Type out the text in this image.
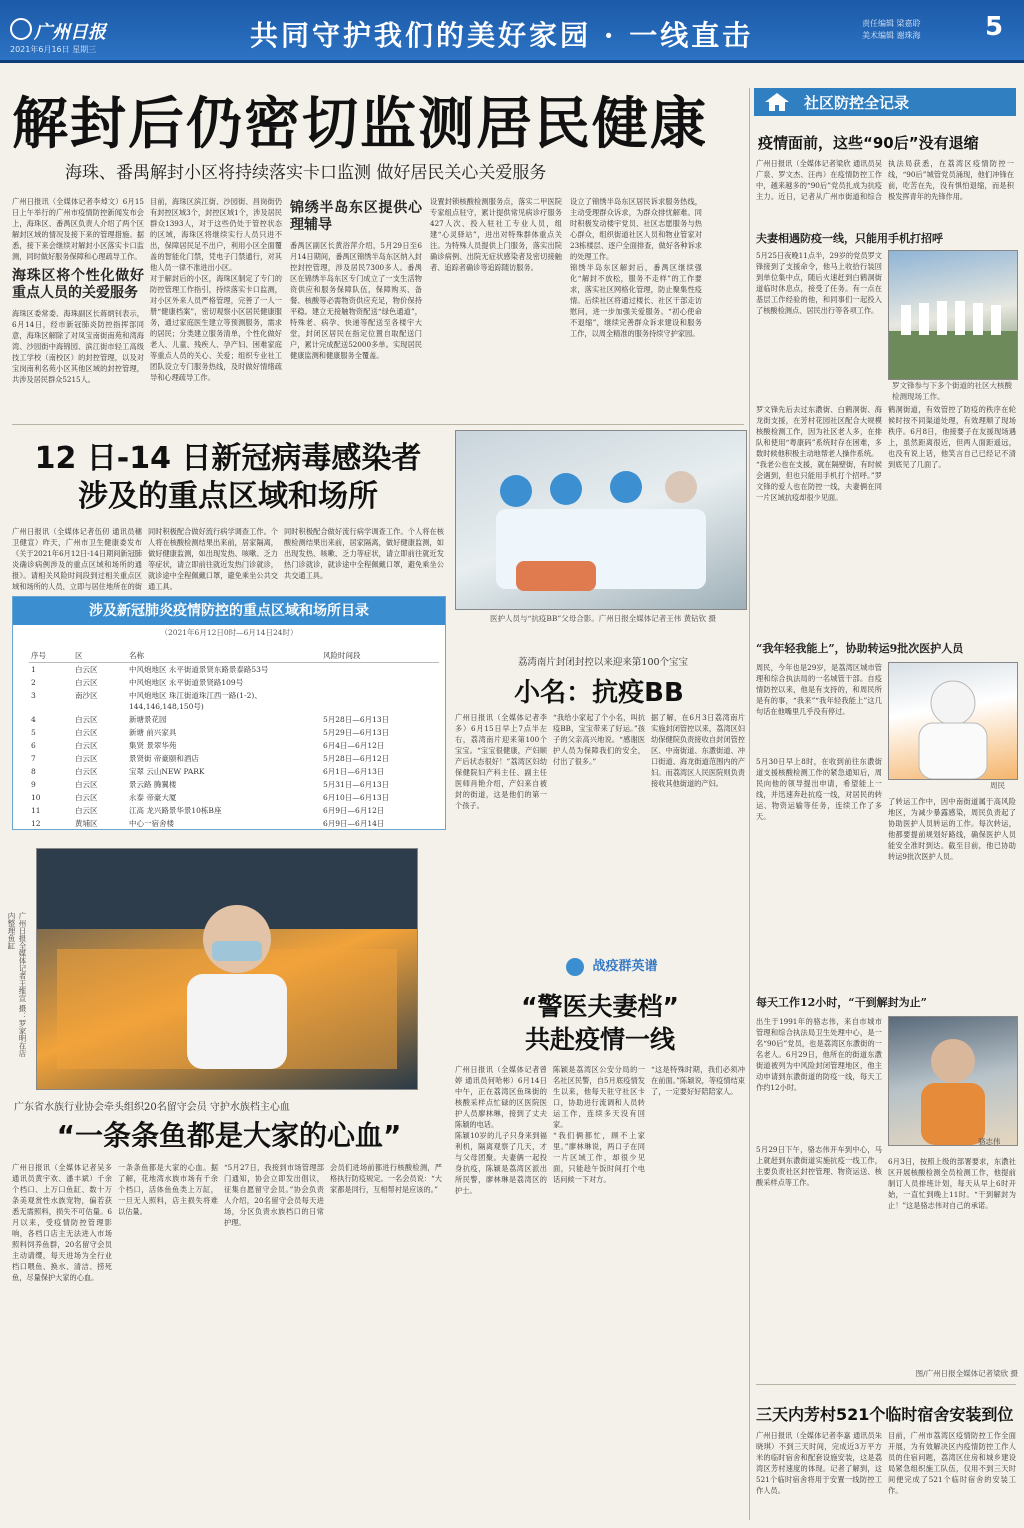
广州日报
2021年6月16日 星期三	共同守护我们的美好家园 · 一线直击	责任编辑 梁嘉聆
美术编辑 谢珠海 5
解封后仍密切监测居民健康
海珠、番禺解封小区将持续落实卡口监测 做好居民关心关爱服务
广州日报讯（全媒体记者李焯文）6月15日上午举行的广州市疫情防控新闻发布会上，海珠区、番禺区负责人介绍了两个区解封区域的情况及接下来的管理措施。据悉，接下来会继续对解封小区落实卡口监测，同时做好服务保障和心理疏导工作。
海珠区将个性化做好重点人员的关爱服务
海珠区委常委、海珠副区长蒋炳钊表示，6月14日，经市新冠肺炎防控指挥部同意，海珠区解除了对凤宝南街南苑和湾海湾、沙园街中海锦园、滨江街市轻工高级技工学校（南校区）的封控管理，以及对宝岗南利名苑小区其他区域的封控管理，共涉及居民群众5215人。
目前，海珠区滨江街、沙园街、昌岗街仍有封控区域3个，封控区域1个，涉及居民群众1393人，对于这些仍处于管控状态的区域，海珠区将继续实行人员只进不出，保障居民足不出户，利用小区全面覆盖的智能化门禁，凭电子门禁通行，对其他人员一律不准进出小区。
对于解封后的小区，海珠区制定了专门的防控管理工作指引，持续落实卡口监测，对小区外来人员严格管理，完善了一人一册“健康档案”，密切观察小区居民健康服务，通过家庭医生建立等预测服务，需求的居民；分类建立服务清单，个性化做好老人、儿童、残疾人、孕产妇、困难家庭等重点人员的关心、关爱；组织专业社工团队设立专门服务热线，及时做好情绪疏导和心理疏导工作。
锦绣半岛东区提供心理辅导
番禺区副区长黄浴萍介绍，5月29日至6月14日期间，番禺区锦绣半岛东区纳入封控封控管理，涉及居民7300多人。番禺区在锦绣半岛东区专门成立了一支生活物资供应和服务保障队伍，保障购买、备餐、核酸等必需物资供应充足，物价保持平稳。建立无接触物资配送“绿色通道”，特殊老、病孕、快递等配送至各楼宇大堂，封闭区居民在指定位置自取配送门户，累计完成配送52000多单。实现居民健康监测和健康服务全覆盖。
设置封锁核酸检测服务点，落实二甲医院专家组点驻守，累计提供常见病诊疗服务427人次、投入驻社工专业人员，组建“心灵驿站”，进出对特殊群体重点关注。为特殊人员提供上门服务，落实出院确诊病例、出院无症状感染者及密切接触者、追踪者确诊等追踪随访服务。
设立了锦绣半岛东区居民诉求服务热线，主动受理群众诉求，为群众排忧解难。同时积极发动楼宇党员、社区志愿服务与热心群众，组织街道社区人员和物业管家对23栋楼层、逐户全面排查，做好各种诉求的处理工作。
锦绣半岛东区解封后，番禺区继续强化“解封不放松，服务不走样”的工作要求，落实社区网格化管理，防止聚集性疫情。后续社区将通过楼长、社区干部走访慰问，进一步加强关爱服务。“初心使命不退缩”，继续完善群众诉求建设和服务工作，以周全精准的服务持续守护家园。
12 日-14 日新冠病毒感染者
涉及的重点区域和场所
广州日报讯（全媒体记者伍仞 通讯员穗卫健宣）昨天，广州市卫生健康委发布《关于2021年6月12日-14日期间新冠肺炎确诊病例涉及的重点区域和场所的通报》。请相关风险时间段到过相关重点区域和场所的人员，立即与居住地所在的街
同时积极配合做好流行病学调查工作。个人将在核酸检测结果出来前，居家隔离，做好健康监测，如出现发热、咳嗽、乏力等症状，请立即前往就近发热门诊就诊，就诊途中全程佩戴口罩，避免乘坐公共交通工具。
同时积极配合做好流行病学调查工作。个人将在核酸检测结果出来前，居家隔离，做好健康监测，如出现发热、咳嗽、乏力等症状，请立即前往就近发热门诊就诊，就诊途中全程佩戴口罩，避免乘坐公共交通工具。
涉及新冠肺炎疫情防控的重点区域和场所目录
（2021年6月12日0时—6月14日24时）
序号	区	名称	风险时间段
1	白云区	中风炮地区 永平街道景贤东路景泰路53号	
2	白云区	中风炮地区 永平街道景贤路109号	
3	南沙区	中风炮地区 珠江街道珠江西一路(1-2)、144,146,148,150号)	
4	白云区	新塘景花园	5月28日—6月13日
5	白云区	新塘 前兴家具	5月29日—6月13日
6	白云区	集贤 景翠华苑	6月4日—6月12日
7	白云区	景贤街 帝豪颐和酒店	5月28日—6月12日
8	白云区	宝翠 云山NEW PARK	6月1日—6月13日
9	白云区	景云路 腾翼楼	5月31日—6月13日
10	白云区	永泰 帝豪大厦	6月10日—6月13日
11	白云区	江高 龙兴路景华景10栋B座	6月9日—6月12日
12	黄埔区	中心一宿舍楼	6月9日—6月14日
广州日报全媒体记者王维宣 摄：罗家明在店内整理鱼缸
广东省水族行业协会牵头组织20名留守会员 守护水族档主心血
“一条条鱼都是大家的心血”
广州日报讯（全媒体记者吴多 通讯员黄宇欢、潘丰斌）千余个档口、上万口鱼缸、数十万条美观赏性水族宠物，偏若获悉无需照料，损失不可估量。6月以来，受疫情防控管理影响，各档口店主无法进入市场照料饲养鱼群，20名留守会员主动请缨，每天进场为全行业档口喂鱼、换水、清洁、捞死鱼，尽量保护大家的心血。
一条条鱼都是大家的心血。据了解，花地湾水族市场有千余个档口，活体鱼鱼类上万缸，一旦无人照料，店主损失将难以估量。
“5月27日，我接到市场管理部门通知，协会立即发出倡议，征集自愿留守会员。”协会负责人介绍，20名留守会员每天进场，分区负责水族档口的日常护理。
会员们进场前都进行核酸检测，严格执行防疫规定。一名会员说：“大家都是同行，互相帮衬是应该的。”
医护人员与“抗疫BB”父母合影。广州日报全媒体记者王伟 黄钻钦 摄
荔湾南片封闭封控以来迎来第100个宝宝
小名：抗疫BB
广州日报讯（全媒体记者李多）6月15日早上7点半左右，荔湾南片迎来第100个宝宝。“宝宝很健康，产妇顺产后状态很好！”荔湾区妇幼保健院妇产科主任、副主任医师肖艳介绍，产妇来自被封的街道，这是他们的第一个孩子。
“我给小家起了个小名，叫抗疫BB，宝宝带来了好运。”孩子的父亲高兴地说。“感谢医护人员为保障我们的安全，付出了很多。”
据了解，在6月3日荔湾南片实施封闭管控以来，荔湾区妇幼保健院负责接收自封闭管控区、中南街道、东漖街道、冲口街道、海龙街道范围内的产妇。而荔湾区人民医院则负责接收其他街道的产妇。
战疫群英谱
“警医夫妻档”
共赴疫情一线
广州日报讯（全媒体记者曾婷 通讯员何哈彬）6月14日中午，正在荔湾区鱼珠街的核酸采样点忙碌的区医院医护人员廖林琳，接到了丈夫陈颖的电话。
陈颖10岁的儿子只身来到福利机，隔离观察了几天，才与父母团聚。夫妻俩一起投身抗疫，陈颖是荔湾区派出所民警，廖林琳是荔湾区的护士。
陈颖是荔湾区公安分局的一名社区民警，自5月底疫情发生以来，他每天驻守社区卡口，协助进行流调和人员转运工作，连续多天没有回家。
“我们俩都忙，顾不上家里。”廖林琳说，两口子在同一片区域工作，却很少见面，只能趁午饭时间打个电话问候一下对方。
“这是特殊时期，我们必须冲在前面。”陈颖说，等疫情结束了，一定要好好陪陪家人。
社区防控全记录
疫情面前，这些“90后”没有退缩
广州日报讯（全媒体记者梁欣 通讯员吴广泉、罗文杰、汪冉）在疫情防控工作中，越来越多的“90后”党员扎成为抗疫主力。近日，记者从广州市街道和综合执法局获悉，在荔湾区疫情防控一线，“90后”城管党员涌现，他们冲锋在前，吃苦在先，没有惧怕退缩，而是积极发挥青年的先锋作用。
夫妻相遇防疫一线，只能用手机打招呼
5月25日夜晚11点半，29岁的党员罗文锋接到了支援命令，他马上收拾行装回到单位集中点，随后火速赶到白鹤洞街道临时休息点，接受了任务。有一点在基层工作经验的他，和同事们一起投入了核酸检测点、居民出行等各项工作。
罗文锋参与下多个街道的社区大核酸检测现场工作。
罗文锋先后去过东漖街、白鹤洞街、海龙街支援，在芳村花园社区配合大规模核酸检测工作，因为社区老人多，在排队和使用“粤康码”系统时存在困难，多数时候他积极主动地帮老人操作系统。
“我老公也在支援，就在隔壁街，有时候会遇到，但也只能用手机打个招呼。”罗文锋的爱人也在防控一线，夫妻俩在同一片区域抗疫却很少见面。
鹤洞街道，有效管控了防疫的秩序在轮候时按不同渠道处理，有效理顺了现场秩序。6月8日，他接要子在友援现场遇上，虽然距离很近，但两人面距遥远，也没有说上话，他笑言自己已经记不清到底见了几面了。
“我年轻我能上”，协助转运9批次医护人员
周民，今年也是29岁，是荔湾区城市管理和综合执法局的一名城管干部。自疫情防控以来，他是有支持的，和周民所是有的事，“我来”“我年轻我能上”这几句话在他嘴里几乎没有停过。
周民
5月30日早上8时，在收到前往东漖街道支援核酸检测工作的紧急通知后，周民向他的领导提出申请，希望能上一线，并迅速奔赴抗疫一线，对居民的转运、物资运输等任务，连续工作了多天。
了转运工作中，因中南街道属于高风险地区，为减少暴露感染，周民负责起了协助医护人员转运的工作。每次转运，他都要提前规划好路线，确保医护人员能安全准时到达。截至目前，他已协助转运9批次医护人员。
每天工作12小时，“干到解封为止”
出生于1991年的骆志伟，来自市城市管理和综合执法局卫生处理中心，是一名“90后”党员，也是荔湾区东漖街的一名老人。6月29日，他所在的街道东漖街道被列为中风险封闭管理地区，他主动申请到东漖街道的防疫一线，每天工作约12小时。
骆志伟
5月29日下午，骆志伟开车到中心，马上就赶到东漖街道实施抗疫一线工作，主要负责社区封控管理、物资运送、核酸采样点等工作。
6月3日，按照上级的部署要求，东漖社区开展核酸检测全员检测工作，他提前制订人员排班计划，每天从早上6时开始，一直忙到晚上11时。“干到解封为止！”这是骆志伟对自己的承诺。
图/广州日报全媒体记者梁欣 摄
三天内芳村521个临时宿舍安装到位
广州日报讯（全媒体记者李嘉 通讯员朱晓琪）不到三天时间，完成近3万平方米的临时宿舍和配套设施安装，这是荔湾区芳村速度的体现。记者了解到，这521个临时宿舍将用于安置一线防控工作人员。
目前，广州市荔湾区疫情防控工作全面开展，为有效解决区内疫情防控工作人员的住宿问题，荔湾区住房和城乡建设局紧急组织施工队伍，仅用不到三天时间便完成了521个临时宿舍的安装工作。
